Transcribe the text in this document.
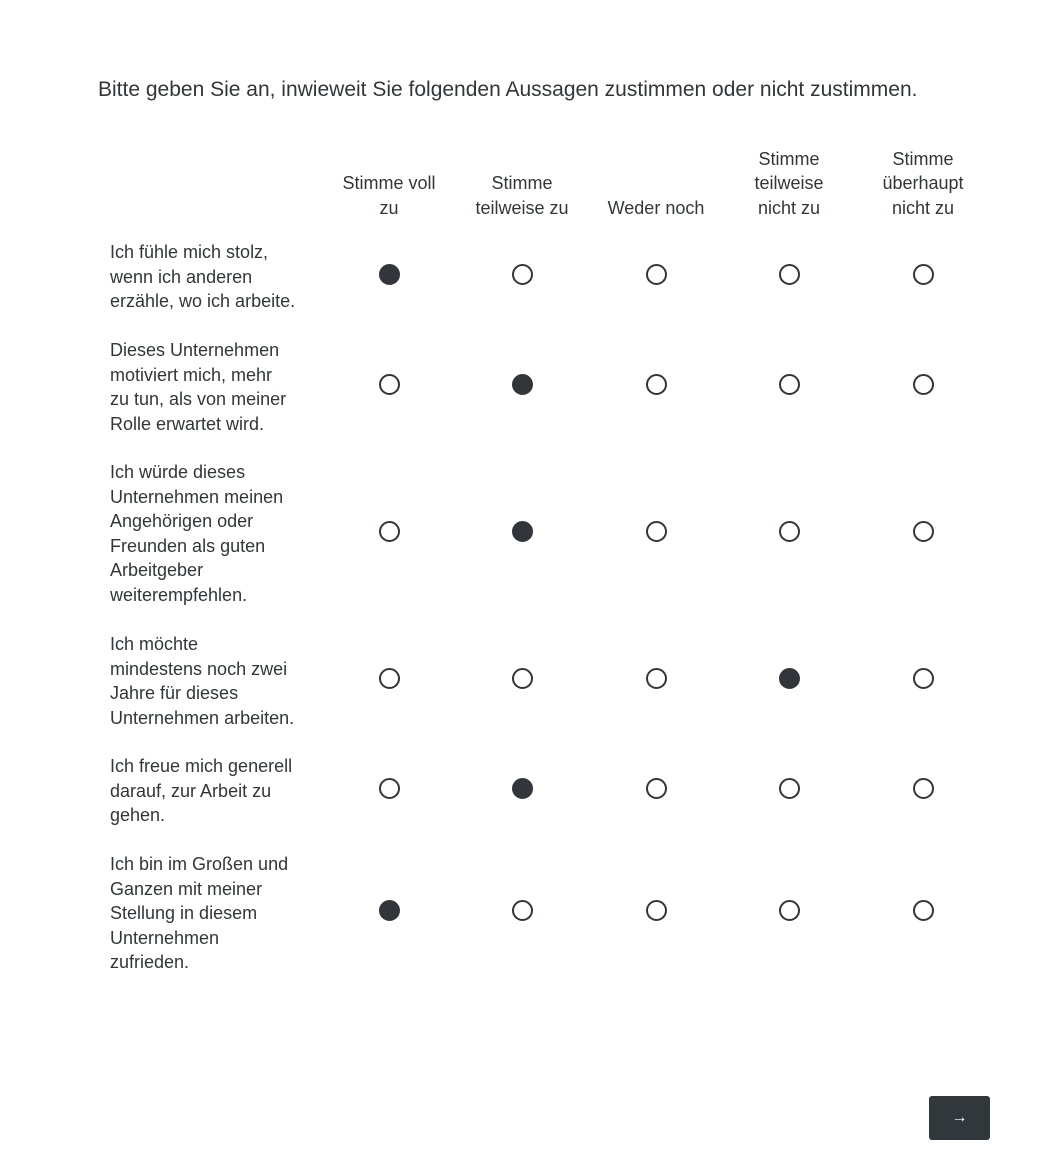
Bitte geben Sie an, inwieweit Sie folgenden Aussagen zustimmen oder nicht zustimmen.
Stimme voll
zu
Stimme
teilweise zu	Weder noch
Stimme
teilweise
nicht zu
Stimme
überhaupt
nicht zu
Ich fühle mich stolz,
wenn ich anderen
erzähle, wo ich arbeite.
Dieses Unternehmen
motiviert mich, mehr
zu tun, als von meiner
Rolle erwartet wird.
Ich würde dieses
Unternehmen meinen
Angehörigen oder
Freunden als guten
Arbeitgeber
weiterempfehlen.
Ich möchte
mindestens noch zwei
Jahre für dieses
Unternehmen arbeiten.
Ich freue mich generell
darauf, zur Arbeit zu
gehen.
Ich bin im Großen und
Ganzen mit meiner
Stellung in diesem
Unternehmen
zufrieden.
→
